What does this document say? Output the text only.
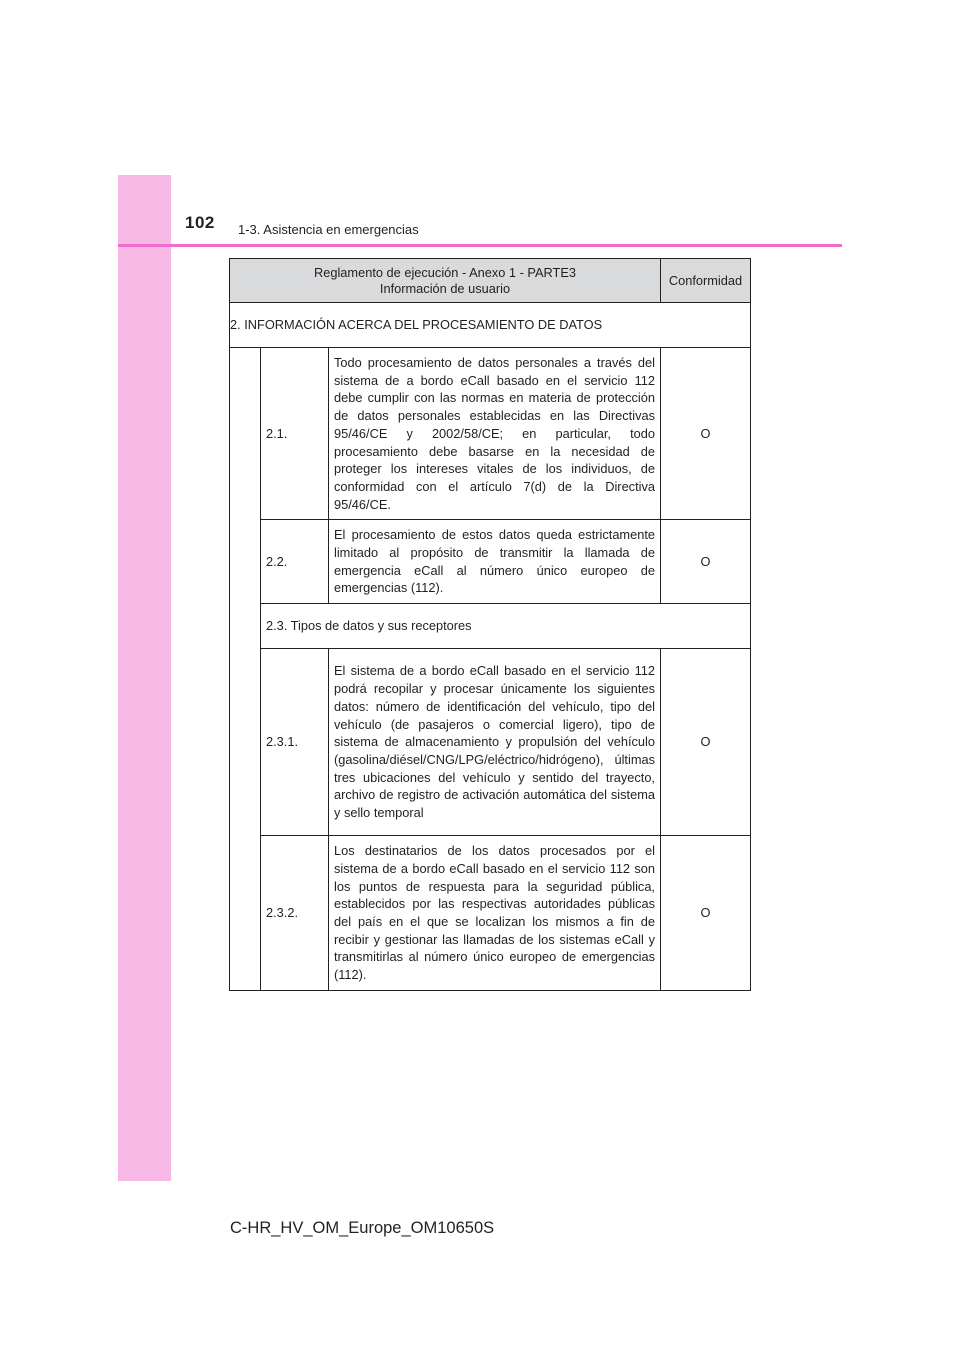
102 1-3. Asistencia en emergencias
Reglamento de ejecución - Anexo 1 - PARTE3
Información de usuario			Conformidad
2. INFORMACIÓN ACERCA DEL PROCESAMIENTO DE DATOS			
	2.1.	Todo procesamiento de datos personales a través del sistema de a bordo eCall basado en el servicio 112 debe cumplir con las normas en materia de protección de datos personales establecidas en las Directivas 95/46/CE y 2002/58/CE; en particular, todo procesamiento debe basarse en la necesidad de proteger los intereses vitales de los individuos, de conformidad con el artículo 7(d) de la Directiva 95/46/CE.	O
	2.2.	El procesamiento de estos datos queda estrictamente limitado al propósito de transmitir la llamada de emergencia eCall al número único europeo de emergencias (112).	O
	2.3. Tipos de datos y sus receptores		
	2.3.1.	El sistema de a bordo eCall basado en el servicio 112 podrá recopilar y procesar únicamente los siguientes datos: número de identificación del vehículo, tipo del vehículo (de pasajeros o comercial ligero), tipo de sistema de almacenamiento y propulsión del vehículo (gasolina/diésel/CNG/LPG/eléctrico/hidrógeno), últimas tres ubicaciones del vehículo y sentido del trayecto, archivo de registro de activación automática del sistema y sello temporal	O
	2.3.2.	Los destinatarios de los datos procesados por el sistema de a bordo eCall basado en el servicio 112 son los puntos de respuesta para la seguridad pública, establecidos por las respectivas autoridades públicas del país en el que se localizan los mismos a fin de recibir y gestionar las llamadas de los sistemas eCall y transmitirlas al número único europeo de emergencias (112).	O
C-HR_HV_OM_Europe_OM10650S
